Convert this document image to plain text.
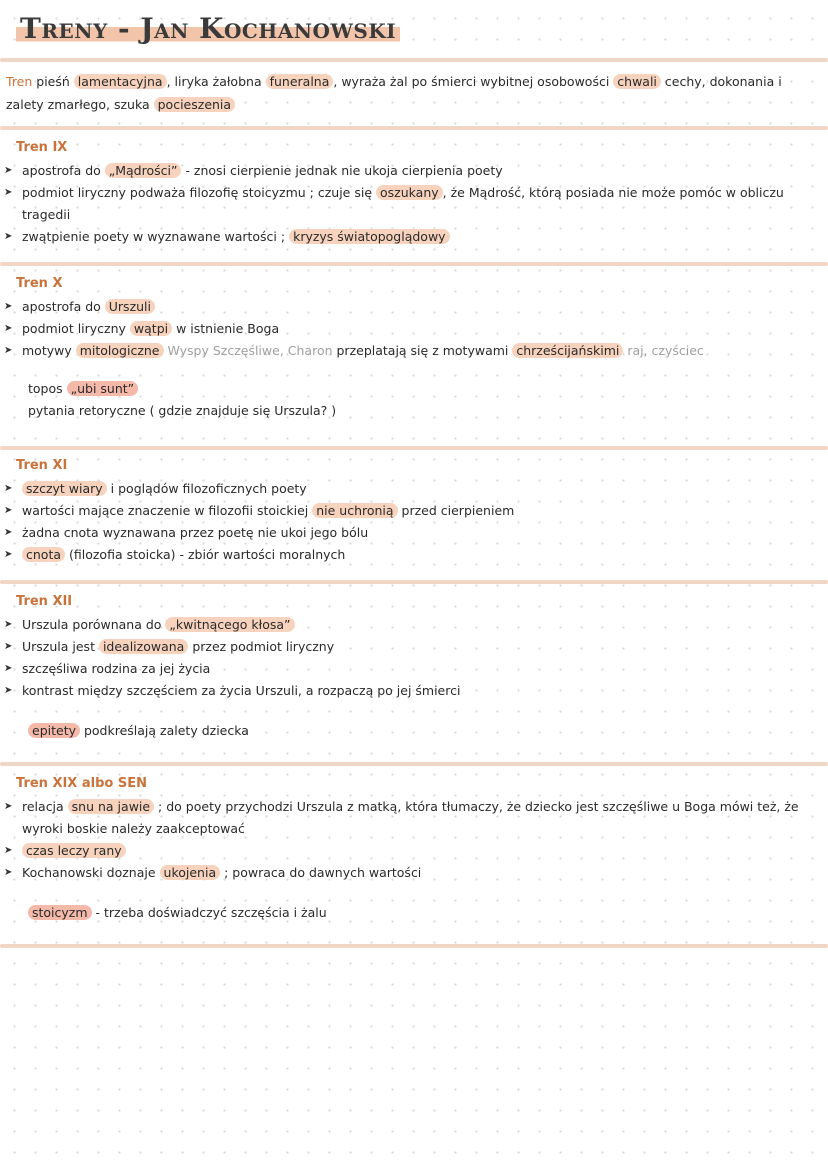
Treny - Jan Kochanowski

Tren pieśń lamentacyjna , liryka żałobna funeralna , wyraża żal po śmierci wybitnej osobowości chwali cechy, dokonania i zalety zmarłego, szuka pocieszenia

Tren IX
➤ apostrofa do „Mądrości” - znosi cierpienie jednak nie ukoja cierpienia poety
➤ podmiot liryczny podważa filozofię stoicyzmu ; czuje się oszukany , że Mądrość, którą posiada nie może pomóc w obliczu tragedii
➤ zwątpienie poety w wyznawane wartości ; kryzys światopoglądowy
Tren X
➤ apostrofa do Urszuli
➤ podmiot liryczny wątpi w istnienie Boga
➤ motywy mitologiczne Wyspy Szczęśliwe, Charon przeplatają się z motywami chrześcijańskimi raj, czyściec

topos „ubi sunt”

pytania retoryczne ( gdzie znajduje się Urszula? )

Tren XI
➤ szczyt wiary i poglądów filozoficznych poety
➤ wartości mające znaczenie w filozofii stoickiej nie uchronią przed cierpieniem
➤ żadna cnota wyznawana przez poetę nie ukoi jego bólu
➤ cnota (filozofia stoicka) - zbiór wartości moralnych
Tren XII
➤ Urszula porównana do „kwitnącego kłosa”
➤ Urszula jest idealizowana przez podmiot liryczny
➤ szczęśliwa rodzina za jej życia
➤ kontrast między szczęściem za życia Urszuli, a rozpaczą po jej śmierci

epitety podkreślają zalety dziecka

Tren XIX albo SEN
➤ relacja snu na jawie ; do poety przychodzi Urszula z matką, która tłumaczy, że dziecko jest szczęśliwe u Boga mówi też, że wyroki boskie należy zaakceptować
➤ czas leczy rany
➤ Kochanowski doznaje ukojenia ; powraca do dawnych wartości

stoicyzm - trzeba doświadczyć szczęścia i żalu
